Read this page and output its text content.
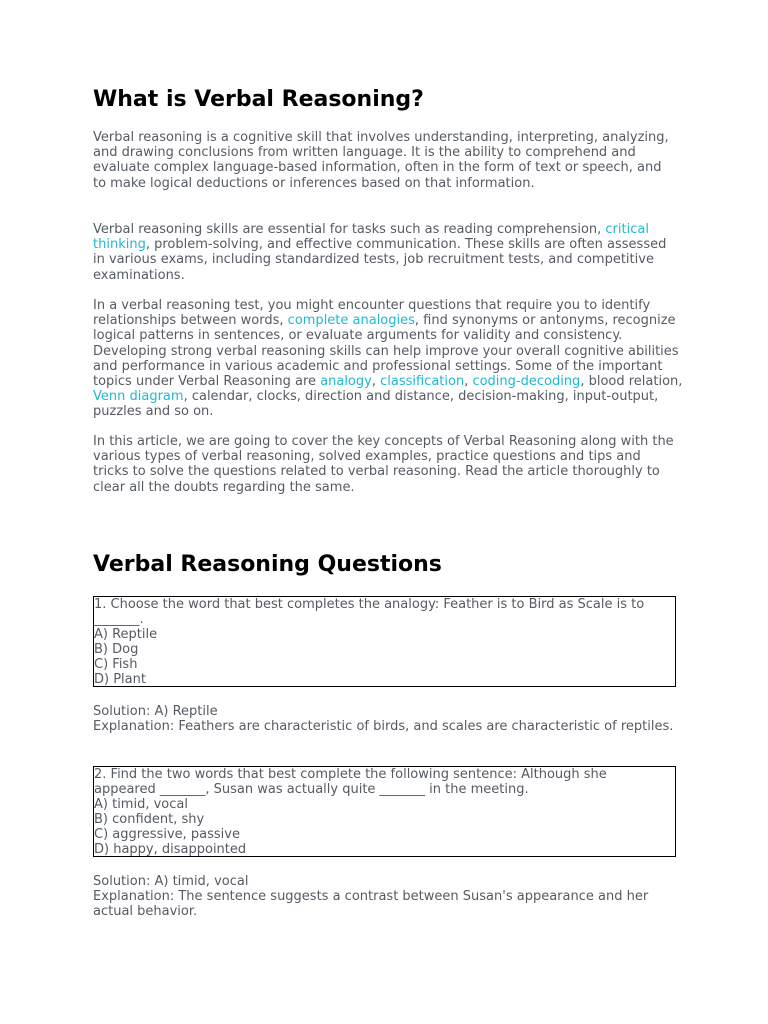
What is Verbal Reasoning?

Verbal reasoning is a cognitive skill that involves understanding, interpreting, analyzing, and drawing conclusions from written language. It is the ability to comprehend and evaluate complex language-based information, often in the form of text or speech, and to make logical deductions or inferences based on that information.

Verbal reasoning skills are essential for tasks such as reading comprehension, critical thinking, problem-solving, and effective communication. These skills are often assessed in various exams, including standardized tests, job recruitment tests, and competitive examinations.

In a verbal reasoning test, you might encounter questions that require you to identify relationships between words, complete analogies, find synonyms or antonyms, recognize logical patterns in sentences, or evaluate arguments for validity and consistency. Developing strong verbal reasoning skills can help improve your overall cognitive abilities and performance in various academic and professional settings. Some of the important topics under Verbal Reasoning are analogy, classification, coding-decoding, blood relation, Venn diagram, calendar, clocks, direction and distance, decision-making, input-output, puzzles and so on.

In this article, we are going to cover the key concepts of Verbal Reasoning along with the various types of verbal reasoning, solved examples, practice questions and tips and tricks to solve the questions related to verbal reasoning. Read the article thoroughly to clear all the doubts regarding the same.

Verbal Reasoning Questions
1. Choose the word that best completes the analogy: Feather is to Bird as Scale is to
_______.
A) Reptile
B) Dog
C) Fish
D) Plant
Solution: A) Reptile
Explanation: Feathers are characteristic of birds, and scales are characteristic of reptiles.
2. Find the two words that best complete the following sentence: Although she
appeared _______, Susan was actually quite _______ in the meeting.
A) timid, vocal
B) confident, shy
C) aggressive, passive
D) happy, disappointed
Solution: A) timid, vocal
Explanation: The sentence suggests a contrast between Susan's appearance and her actual behavior.
